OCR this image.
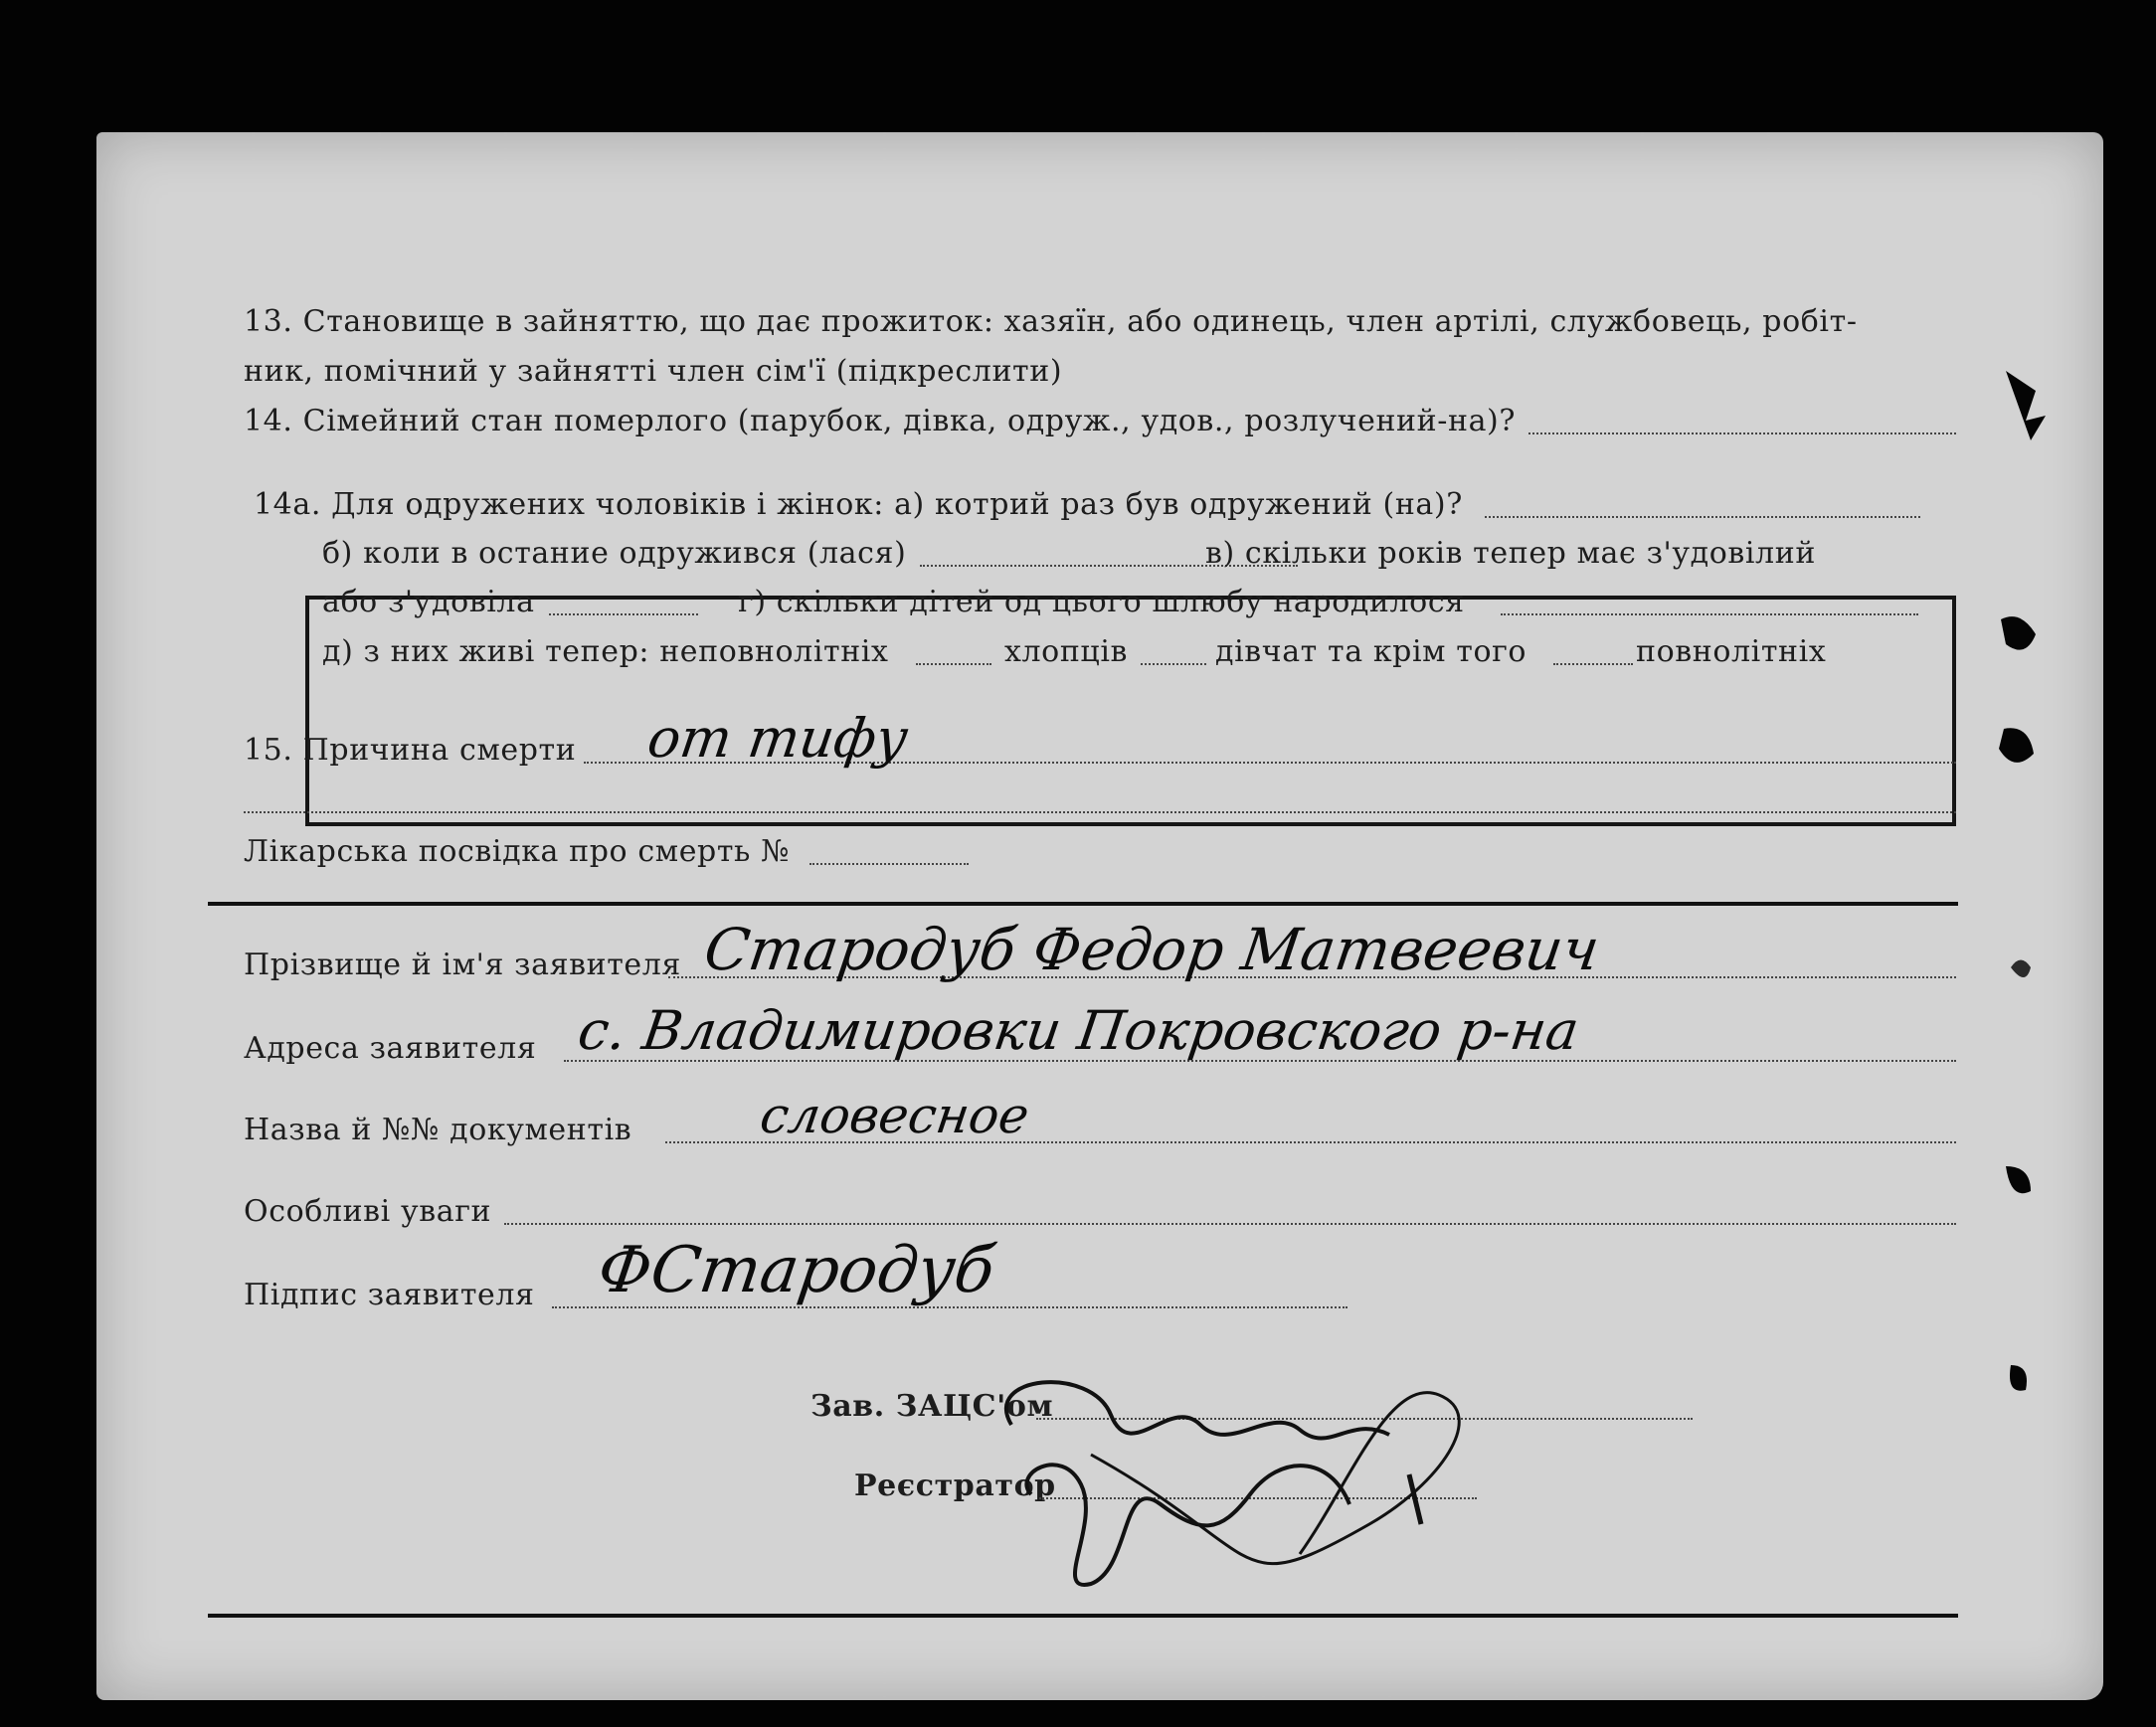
13. Становище в зайняттю, що дає прожиток: хазяїн, або одинець, член артілі, службовець, робіт-
ник, помічний у зайнятті член сім'ї (підкреслити)
14. Сімейний стан померлого (парубок, дівка, одруж., удов., розлучений-на)?
14а. Для одружених чоловіків і жінок: а) котрий раз був одружений (на)?
б) коли в остание одружився (лася)	в) скільки років тепер має з'удовілий
або з'удовіла	г) скільки дітей од цього шлюбу народилося
д) з них живі тепер: неповнолітніх	хлопців	дівчат та крім того	повнолітніх
15. Причина смерти от тифу
Лікарська посвідка про смерть №
Прізвище й ім'я заявителя Стародуб Федор Матвеевич
Адреса заявителя с. Владимировки Покровского р-на
Назва й №№ документів	словесное
Особливі уваги
Підпис заявителя ФСтародуб
Зав. ЗАЦС'ом
Реєстратор
